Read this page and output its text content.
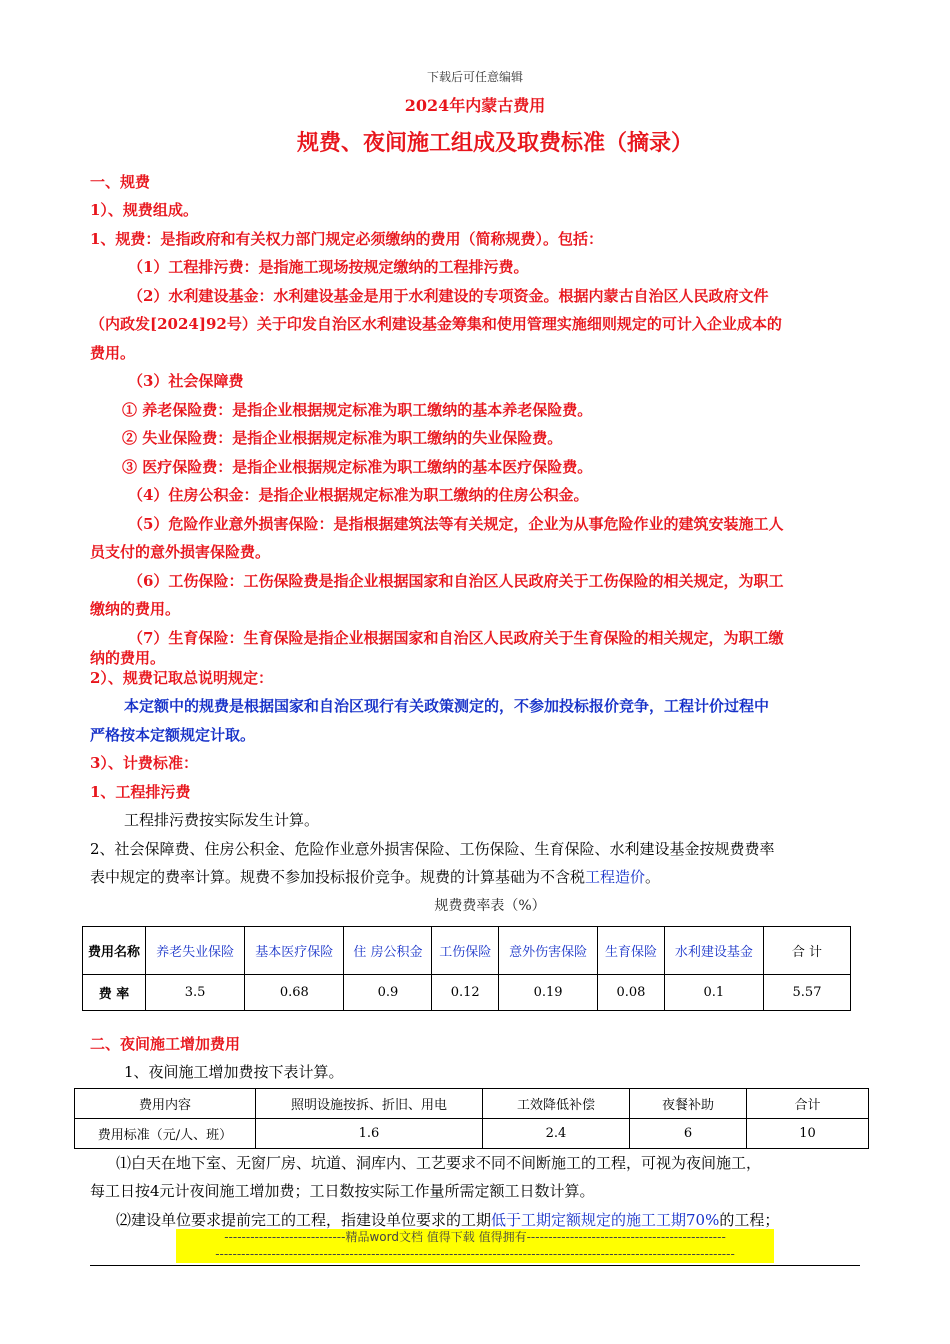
下载后可任意编辑
2024年内蒙古费用
规费、夜间施工组成及取费标准（摘录）
一、规费
1）、规费组成。
1、规费：是指政府和有关权力部门规定必须缴纳的费用（简称规费）。包括：
（1）工程排污费：是指施工现场按规定缴纳的工程排污费。
（2）水利建设基金：水利建设基金是用于水利建设的专项资金。根据内蒙古自治区人民政府文件
（内政发[2024]92号）关于印发自治区水利建设基金筹集和使用管理实施细则规定的可计入企业成本的
费用。
（3）社会保障费
① 养老保险费：是指企业根据规定标准为职工缴纳的基本养老保险费。
② 失业保险费：是指企业根据规定标准为职工缴纳的失业保险费。
③ 医疗保险费：是指企业根据规定标准为职工缴纳的基本医疗保险费。
（4）住房公积金：是指企业根据规定标准为职工缴纳的住房公积金。
（5）危险作业意外损害保险：是指根据建筑法等有关规定，企业为从事危险作业的建筑安装施工人
员支付的意外损害保险费。
（6）工伤保险：工伤保险费是指企业根据国家和自治区人民政府关于工伤保险的相关规定，为职工
缴纳的费用。
（7）生育保险：生育保险是指企业根据国家和自治区人民政府关于生育保险的相关规定，为职工缴
纳的费用。
2）、规费记取总说明规定：
本定额中的规费是根据国家和自治区现行有关政策测定的，不参加投标报价竞争，工程计价过程中
严格按本定额规定计取。
3）、计费标准：
1、工程排污费
工程排污费按实际发生计算。
2、社会保障费、住房公积金、危险作业意外损害保险、工伤保险、生育保险、水利建设基金按规费费率
表中规定的费率计算。规费不参加投标报价竞争。规费的计算基础为不含税工程造价。
规费费率表（%）
费用名称	养老失业保险	基本医疗保险	住 房公积金	工伤保险	意外伤害保险	生育保险	水利建设基金	合 计
费 率	3.5	0.68	0.9	0.12	0.19	0.08	0.1	5.57
二、夜间施工增加费用
1、夜间施工增加费按下表计算。
费用内容	照明设施按拆、折旧、用电	工效降低补偿	夜餐补助	合计
费用标准（元/人、班）	1.6	2.4	6	10
⑴白天在地下室、无窗厂房、坑道、洞库内、工艺要求不同不间断施工的工程，可视为夜间施工，
每工日按4元计夜间施工增加费；工日数按实际工作量所需定额工日数计算。
⑵建设单位要求提前完工的工程，指建设单位要求的工期低于工期定额规定的施工工期70%的工程；
----------------------------精品word文档 值得下载 值得拥有----------------------------------------------
------------------------------------------------------------------------------------------------------------------------
